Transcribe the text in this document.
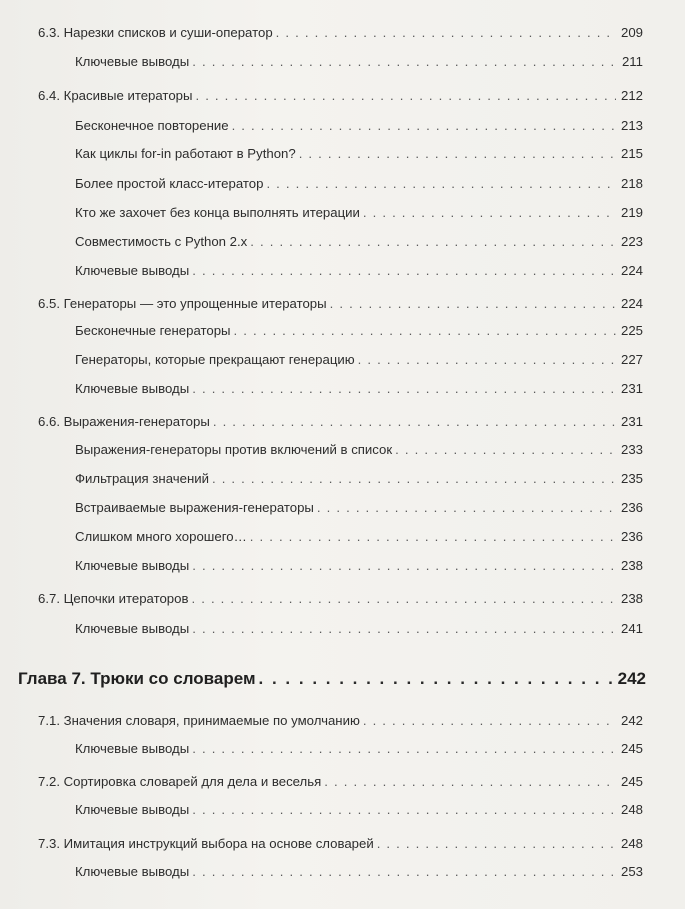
6.3. Нарезки списков и суши-оператор . . .	209
Ключевые выводы . . .	211
6.4. Красивые итераторы . . .	212
Бесконечное повторение . . .	213
Как циклы for-in работают в Python? . . .	215
Более простой класс-итератор . . .	218
Кто же захочет без конца выполнять итерации . . .	219
Совместимость с Python 2.x . . .	223
Ключевые выводы . . .	224
6.5. Генераторы — это упрощенные итераторы . . .	224
Бесконечные генераторы . . .	225
Генераторы, которые прекращают генерацию . . .	227
Ключевые выводы . . .	231
6.6. Выражения-генераторы . . .	231
Выражения-генераторы против включений в список . . .	233
Фильтрация значений . . .	235
Встраиваемые выражения-генераторы . . .	236
Слишком много хорошего… . . .	236
Ключевые выводы . . .	238
6.7. Цепочки итераторов . . .	238
Ключевые выводы . . .	241
Глава 7. Трюки со словарем . . .	242
7.1. Значения словаря, принимаемые по умолчанию . . .	242
Ключевые выводы . . .	245
7.2. Сортировка словарей для дела и веселья . . .	245
Ключевые выводы . . .	248
7.3. Имитация инструкций выбора на основе словарей . . .	248
Ключевые выводы . . .	253
